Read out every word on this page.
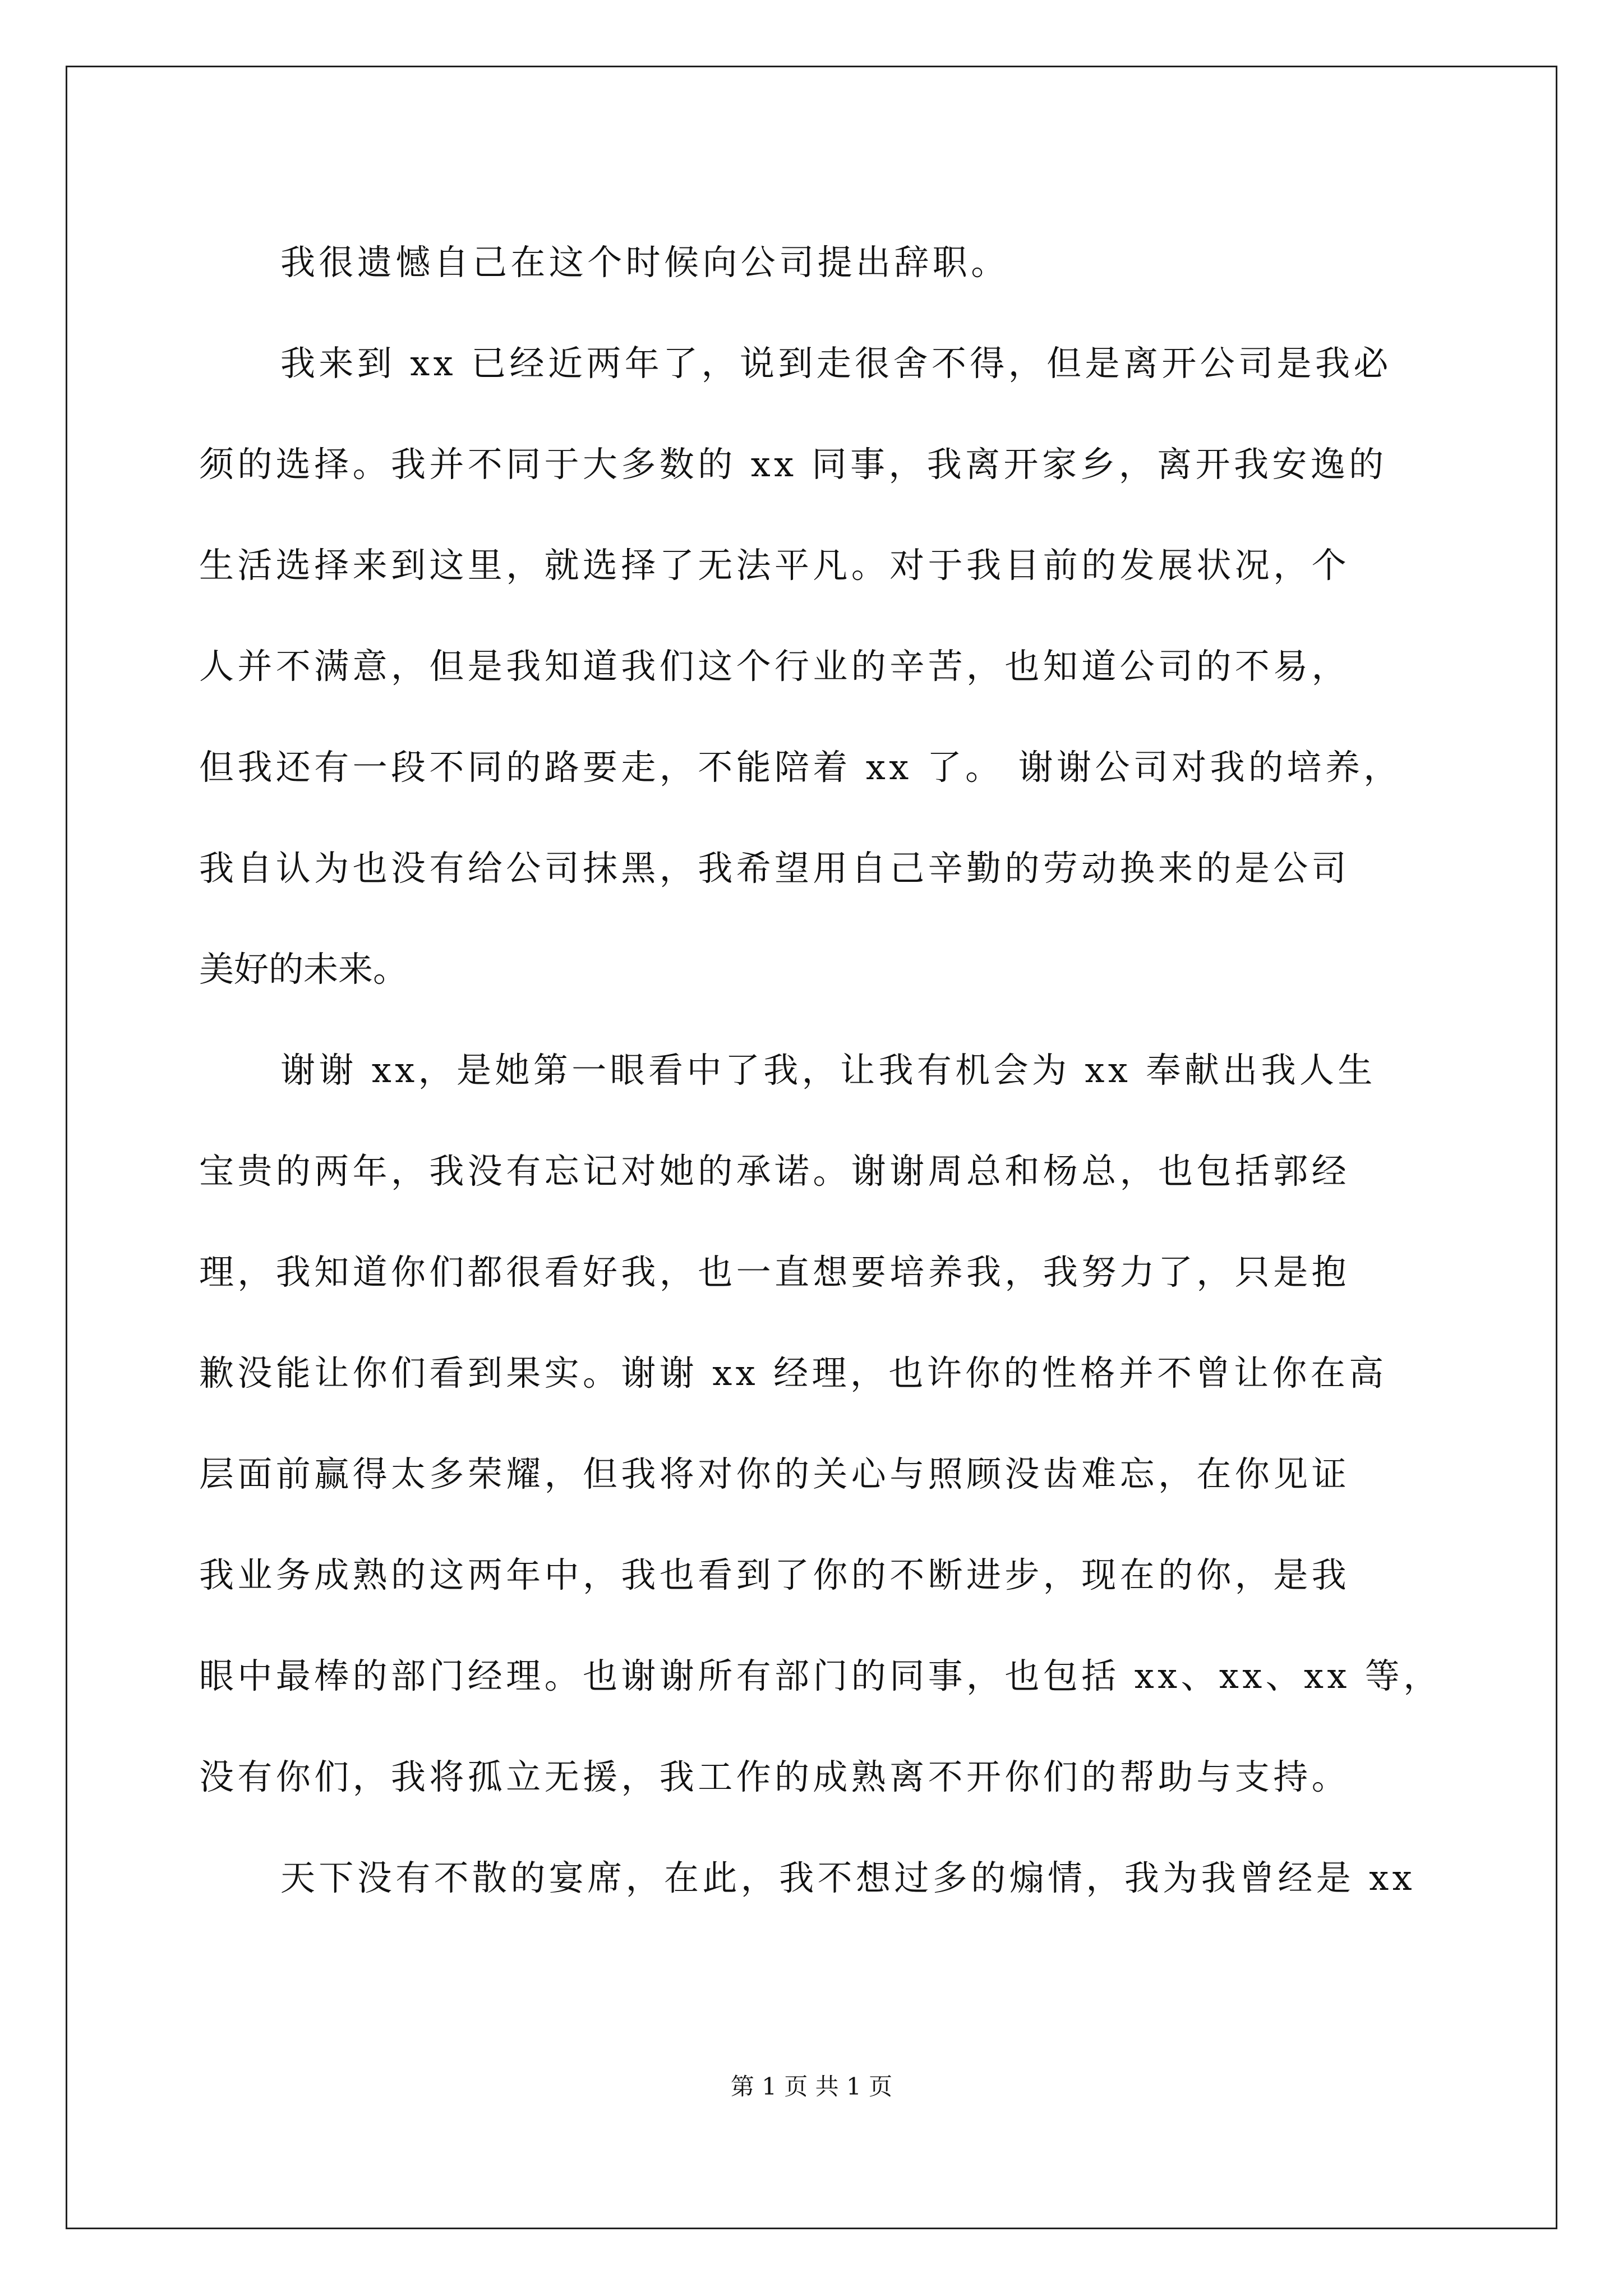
我很遗憾自己在这个时候向公司提出辞职。
我来到 xx 已经近两年了，说到走很舍不得，但是离开公司是我必
须的选择。我并不同于大多数的 xx 同事，我离开家乡，离开我安逸的
生活选择来到这里，就选择了无法平凡。对于我目前的发展状况，个
人并不满意，但是我知道我们这个行业的辛苦，也知道公司的不易，
但我还有一段不同的路要走，不能陪着 xx 了。 谢谢公司对我的培养，
我自认为也没有给公司抹黑，我希望用自己辛勤的劳动换来的是公司
美好的未来。
谢谢 xx，是她第一眼看中了我，让我有机会为 xx 奉献出我人生
宝贵的两年，我没有忘记对她的承诺。谢谢周总和杨总，也包括郭经
理，我知道你们都很看好我，也一直想要培养我，我努力了，只是抱
歉没能让你们看到果实。谢谢 xx 经理，也许你的性格并不曾让你在高
层面前赢得太多荣耀，但我将对你的关心与照顾没齿难忘，在你见证
我业务成熟的这两年中，我也看到了你的不断进步，现在的你，是我
眼中最棒的部门经理。也谢谢所有部门的同事，也包括 xx、xx、xx 等，
没有你们，我将孤立无援，我工作的成熟离不开你们的帮助与支持。
天下没有不散的宴席，在此，我不想过多的煽情，我为我曾经是 xx
第 1 页 共 1 页
